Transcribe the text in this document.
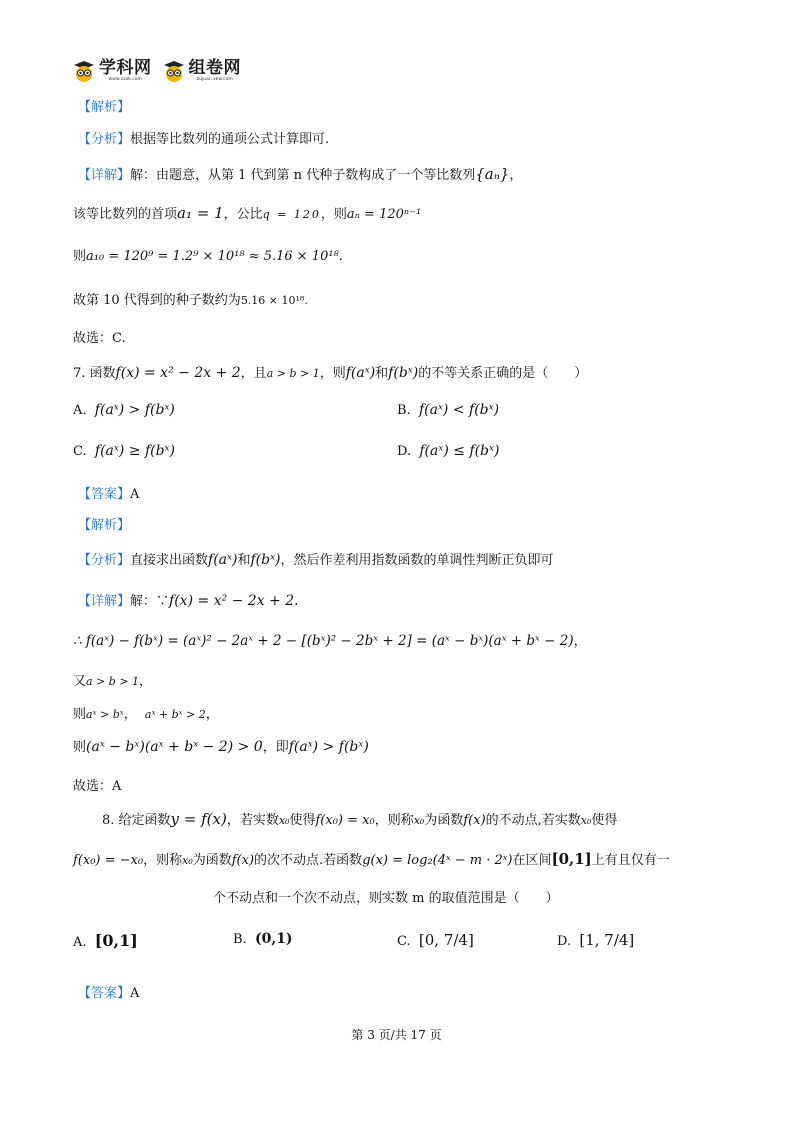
学科网
www.zxxk.com
组卷网
zujuan.xkw.com
【解析】
【分析】根据等比数列的通项公式计算即可.
【详解】解：由题意，从第 1 代到第 n 代种子数构成了一个等比数列{aₙ}，
该等比数列的首项a₁ = 1，公比q = 120，则aₙ = 120ⁿ⁻¹
则a₁₀ = 120⁹ = 1.2⁹ × 10¹⁸ ≈ 5.16 × 10¹⁸.
故第 10 代得到的种子数约为5.16 × 10¹⁸.
故选：C.
7. 函数f(x) = x² − 2x + 2，且a > b > 1，则f(aˣ)和f(bˣ)的不等关系正确的是（　　）
A. f(aˣ) > f(bˣ)	B. f(aˣ) < f(bˣ)
C. f(aˣ) ≥ f(bˣ)	D. f(aˣ) ≤ f(bˣ)
【答案】A
【解析】
【分析】直接求出函数f(aˣ)和f(bˣ)，然后作差利用指数函数的单调性判断正负即可
【详解】解：∵f(x) = x² − 2x + 2.
∴ f(aˣ) − f(bˣ) = (aˣ)² − 2aˣ + 2 − [(bˣ)² − 2bˣ + 2] = (aˣ − bˣ)(aˣ + bˣ − 2)，
又a > b > 1，
则aˣ > bˣ， aˣ + bˣ > 2，
则(aˣ − bˣ)(aˣ + bˣ − 2) > 0，即f(aˣ) > f(bˣ)
故选：A
8. 给定函数y = f(x)，若实数x₀使得f(x₀) = x₀，则称x₀为函数f(x)的不动点,若实数x₀使得
f(x₀) = −x₀，则称x₀为函数f(x)的次不动点.若函数g(x) = log₂(4ˣ − m · 2ˣ)在区间[0,1]上有且仅有一
个不动点和一个次不动点，则实数 m 的取值范围是（　　）
A. [0,1]	B. (0,1)	C. [0, 7/4]	D. [1, 7/4]
【答案】A
第 3 页/共 17 页
